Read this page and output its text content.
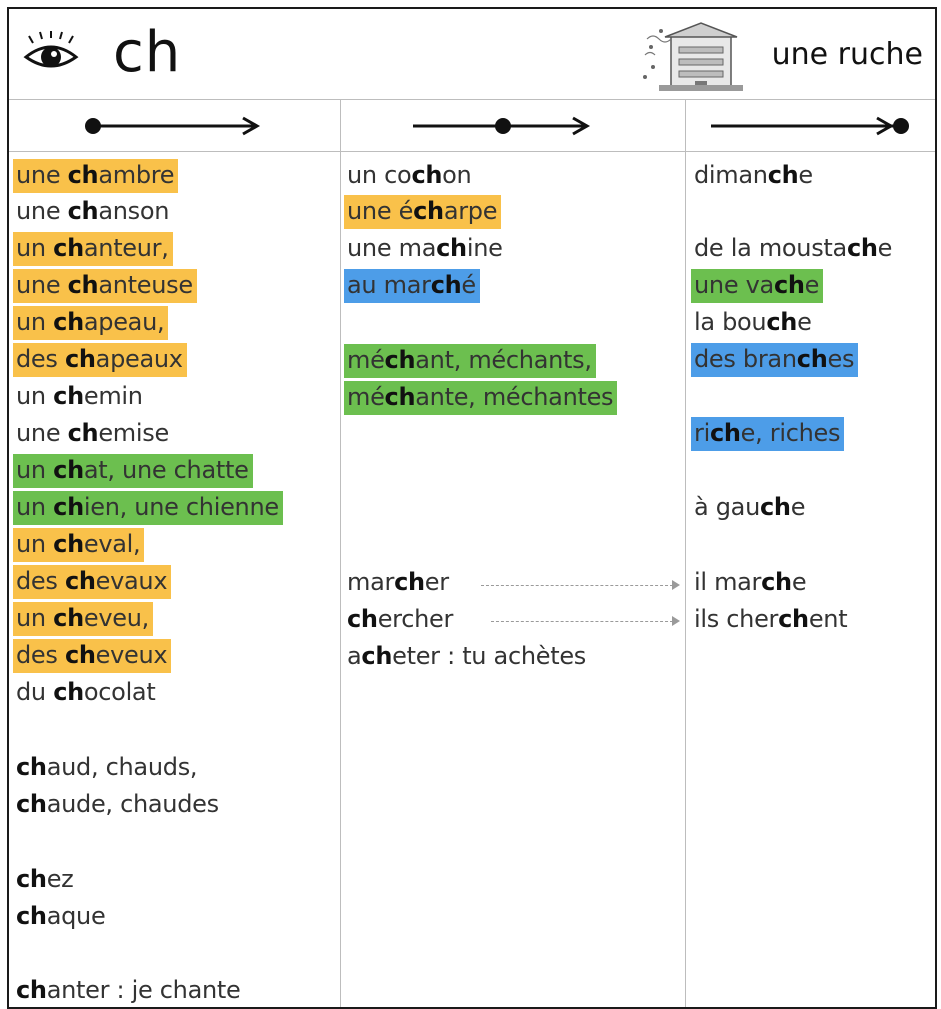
ch	une ruche
une chambre
une chanson
un chanteur,
une chanteuse
un chapeau,
des chapeaux
un chemin
une chemise
un chat, une chatte
un chien, une chienne
un cheval,
des chevaux
un cheveu,
des cheveux
du chocolat
chaud, chauds,
chaude, chaudes
chez
chaque
chanter : je chante
un cochon
une écharpe
une machine
au marché
méchant, méchants,
méchante, méchantes
marcher
chercher
acheter : tu achètes
dimanche
de la moustache
une vache
la bouche
des branches
riche, riches
à gauche
il marche
ils cherchent
